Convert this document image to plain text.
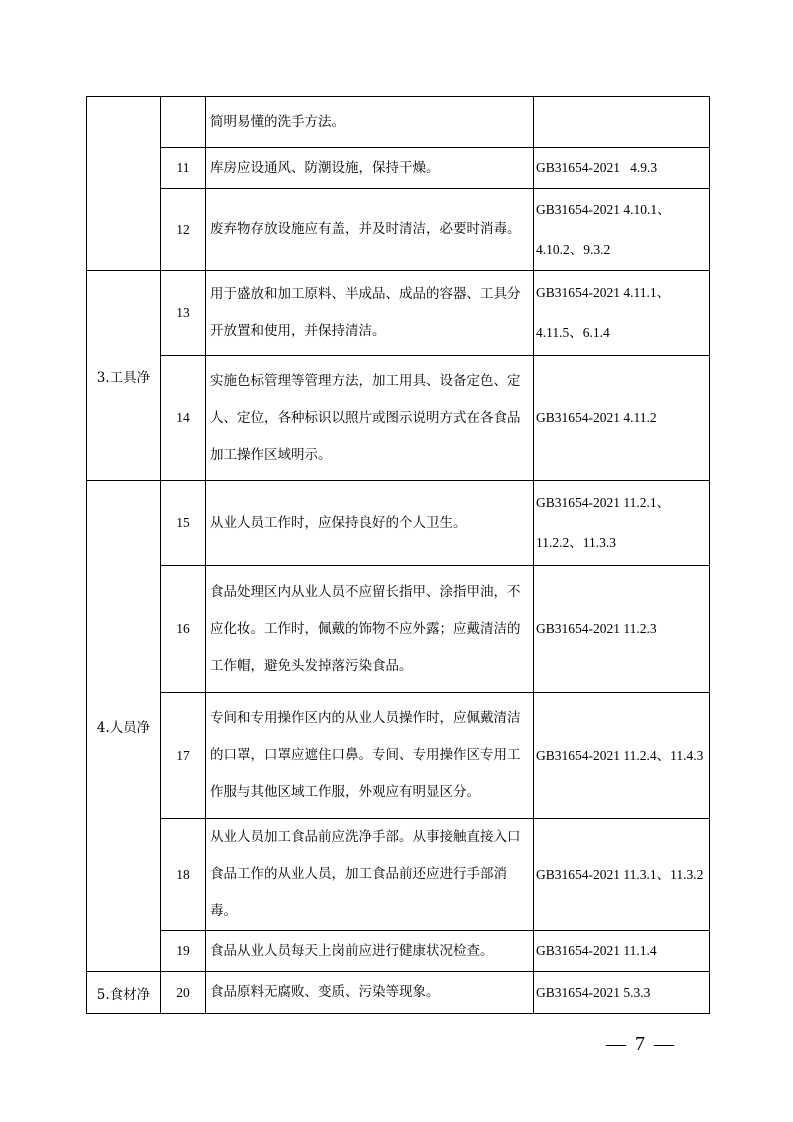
		简明易懂的洗手方法。	

	11	库房应设通风、防潮设施，保持干燥。	GB31654-2021   4.9.3

	12	废弃物存放设施应有盖，并及时清洁，必要时消毒。	GB31654-2021 4.10.1、
4.10.2、9.3.2

3.工具净	13	用于盛放和加工原料、半成品、成品的容器、工具分
开放置和使用，并保持清洁。	GB31654-2021 4.11.1、
4.11.5、6.1.4

	14	实施色标管理等管理方法，加工用具、设备定色、定
人、定位，各种标识以照片或图示说明方式在各食品
加工操作区域明示。	GB31654-2021 4.11.2

4.人员净	15	从业人员工作时，应保持良好的个人卫生。	GB31654-2021 11.2.1、
11.2.2、11.3.3

	16	食品处理区内从业人员不应留长指甲、涂指甲油，不
应化妆。工作时，佩戴的饰物不应外露；应戴清洁的
工作帽，避免头发掉落污染食品。	GB31654-2021 11.2.3

	17	专间和专用操作区内的从业人员操作时，应佩戴清洁
的口罩，口罩应遮住口鼻。专间、专用操作区专用工
作服与其他区域工作服，外观应有明显区分。	GB31654-2021 11.2.4、11.4.3

	18	从业人员加工食品前应洗净手部。从事接触直接入口
食品工作的从业人员，加工食品前还应进行手部消毒。	GB31654-2021 11.3.1、11.3.2

	19	食品从业人员每天上岗前应进行健康状况检查。	GB31654-2021 11.1.4

5.食材净	20	食品原料无腐败、变质、污染等现象。	GB31654-2021 5.3.3
— 7 —
